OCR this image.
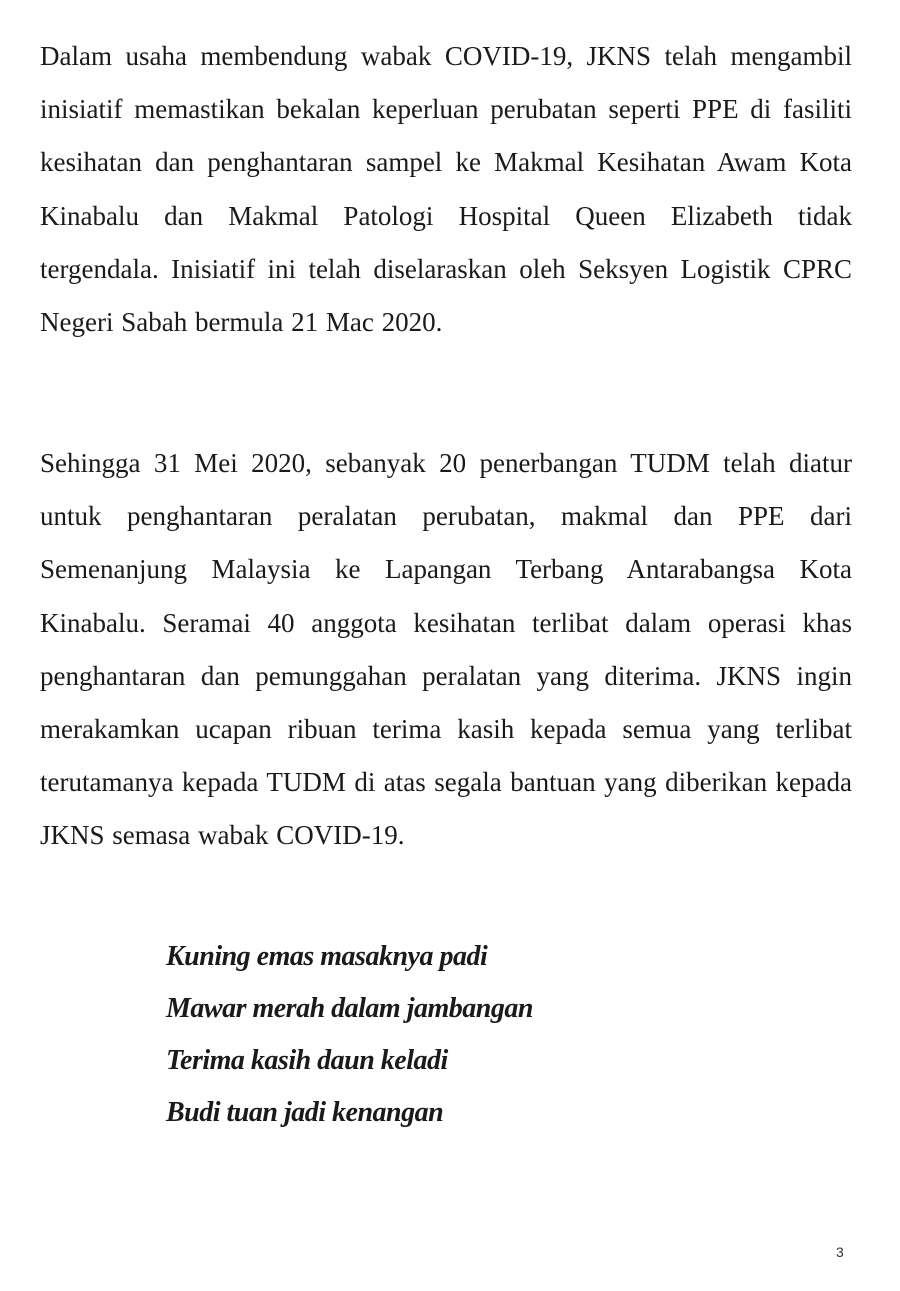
Dalam usaha membendung wabak COVID-19, JKNS telah mengambil inisiatif memastikan bekalan keperluan perubatan seperti PPE di fasiliti kesihatan dan penghantaran sampel ke Makmal Kesihatan Awam Kota Kinabalu dan Makmal Patologi Hospital Queen Elizabeth tidak tergendala. Inisiatif ini telah diselaraskan oleh Seksyen Logistik CPRC Negeri Sabah bermula 21 Mac 2020.

Sehingga 31 Mei 2020, sebanyak 20 penerbangan TUDM telah diatur untuk penghantaran peralatan perubatan, makmal dan PPE dari Semenanjung Malaysia ke Lapangan Terbang Antarabangsa Kota Kinabalu. Seramai 40 anggota kesihatan terlibat dalam operasi khas penghantaran dan pemunggahan peralatan yang diterima. JKNS ingin merakamkan ucapan ribuan terima kasih kepada semua yang terlibat terutamanya kepada TUDM di atas segala bantuan yang diberikan kepada JKNS semasa wabak COVID-19.

Kuning emas masaknya padi
Mawar merah dalam jambangan
Terima kasih daun keladi
Budi tuan jadi kenangan
3
